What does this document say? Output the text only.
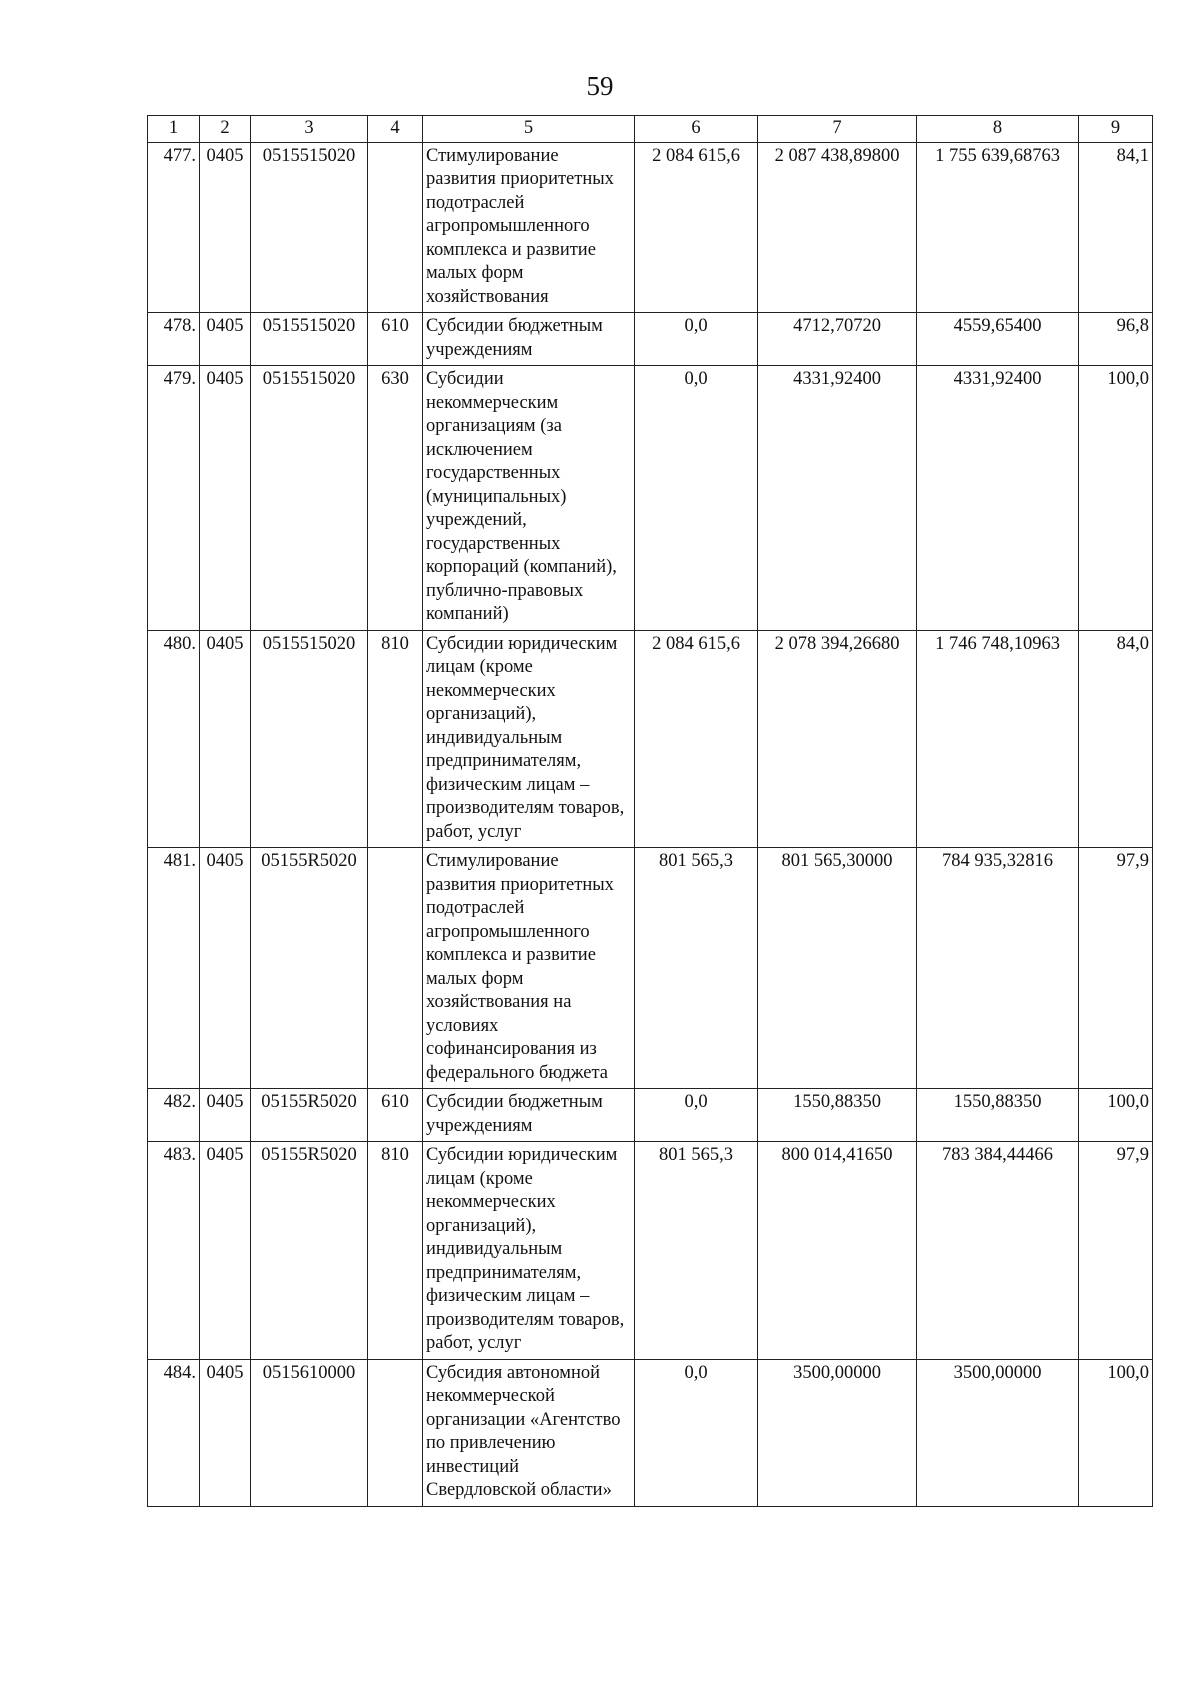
59
1	2	3	4	5	6	7	8	9
477.	0405	0515515020		Стимулирование развития приоритетных подотраслей агропромышленного комплекса и развитие малых форм хозяйствования	2 084 615,6	2 087 438,89800	1 755 639,68763	84,1
478.	0405	0515515020	610	Субсидии бюджетным учреждениям	0,0	4712,70720	4559,65400	96,8
479.	0405	0515515020	630	Субсидии некоммерческим организациям (за исключением государственных (муниципальных) учреждений, государственных корпораций (компаний), публично-правовых компаний)	0,0	4331,92400	4331,92400	100,0
480.	0405	0515515020	810	Субсидии юридическим лицам (кроме некоммерческих организаций), индивидуальным предпринимателям, физическим лицам – производителям товаров, работ, услуг	2 084 615,6	2 078 394,26680	1 746 748,10963	84,0
481.	0405	05155R5020		Стимулирование развития приоритетных подотраслей агропромышленного комплекса и развитие малых форм хозяйствования на условиях софинансирования из федерального бюджета	801 565,3	801 565,30000	784 935,32816	97,9
482.	0405	05155R5020	610	Субсидии бюджетным учреждениям	0,0	1550,88350	1550,88350	100,0
483.	0405	05155R5020	810	Субсидии юридическим лицам (кроме некоммерческих организаций), индивидуальным предпринимателям, физическим лицам – производителям товаров, работ, услуг	801 565,3	800 014,41650	783 384,44466	97,9
484.	0405	0515610000		Субсидия автономной некоммерческой организации «Агентство по привлечению инвестиций Свердловской области»	0,0	3500,00000	3500,00000	100,0
